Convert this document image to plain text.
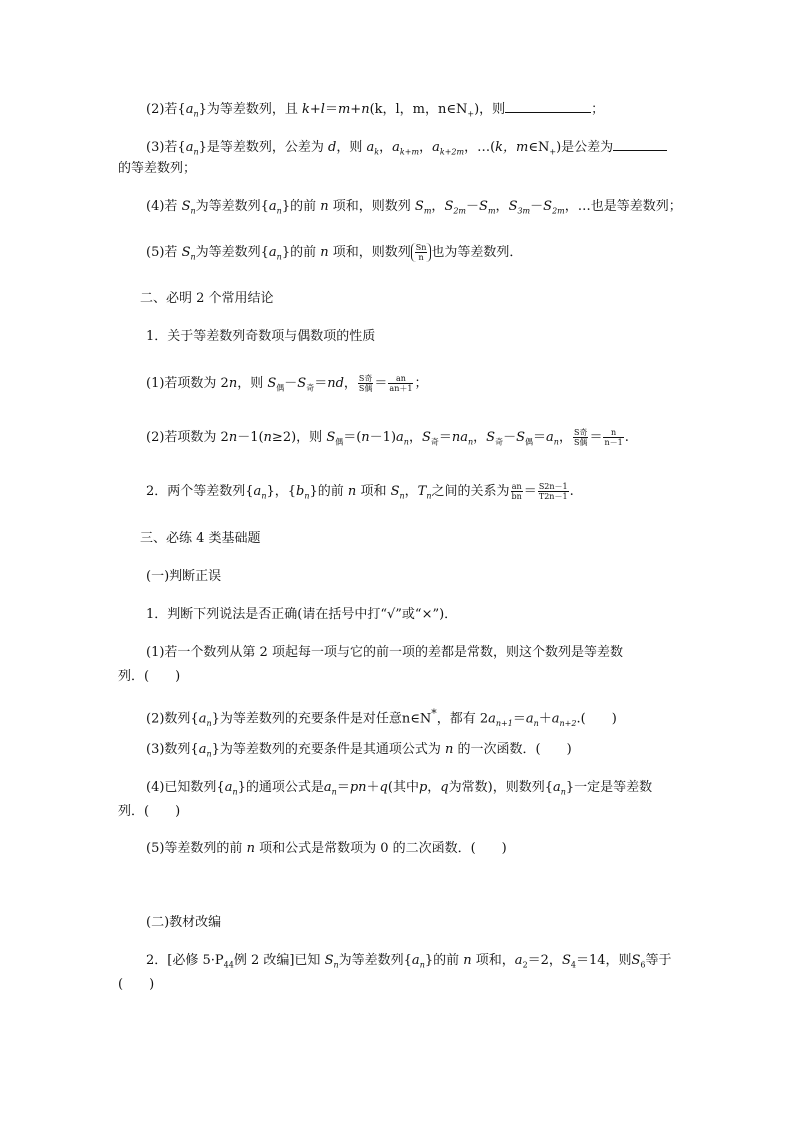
(2)若$\{a_n\}$为等差数列，且 k+l＝m+n(k，l，m，$n\in N_+$)，则	；
(3)若$\{a_n\}$是等差数列，公差为 d，则 $a_k$，$a_{k+m}$，$a_{k+2m}$，…(k，$m\in N_+$)是公差为
的等差数列；
(4)若 $S_n$为等差数列$\{a_n\}$的前 n 项和，则数列 $S_m$，$S_{2m}-S_m$，$S_{3m}-S_{2m}$，…也是等差数列；
(5)若 $S_n$为等差数列$\{a_n\}$的前 n 项和，则数列 $\frac{Sn}{n}$ 也为等差数列．
二、必明 2 个常用结论
1．关于等差数列奇数项与偶数项的性质
(1)若项数为 2n，则 $S_偶-S_奇=nd$， $\frac{\text{S奇}}{\text{S偶}} = \frac{an}{an+1}$ ；
(2)若项数为 2n－1(n≥2)，则 $S_偶=(n-1)a_n$，$S_奇=na_n$，$S_奇-S_偶=a_n$， $\frac{\text{S奇}}{\text{S偶}} = \frac{n}{n-1}$ .
2．两个等差数列$\{a_n\}$，$\{b_n\}$的前 n 项和 $S_n$，$T_n$之间的关系为 $\frac{an}{bn} = \frac{S2n-1}{T2n-1}$ .
三、必练 4 类基础题
(一)判断正误
1．判断下列说法是否正确(请在括号中打“√”或“×”)．
(1)若一个数列从第 2 项起每一项与它的前一项的差都是常数，则这个数列是等差数
列．(　　)
(2)数列$\{a_n\}$为等差数列的充要条件是对任意n∈N*，都有 $2a_{n+1}=a_n+a_{n+2}$.(　　)
(3)数列$\{a_n\}$为等差数列的充要条件是其通项公式为 n 的一次函数．(　　)
(4)已知数列$\{a_n\}$的通项公式是$a_n=pn+q$(其中p，q为常数)，则数列$\{a_n\}$一定是等差数
列．(　　)
(5)等差数列的前 n 项和公式是常数项为 0 的二次函数．(　　)
(二)教材改编
2．[必修 $5\cdot P_{44}$例 2 改编]已知 $S_n$为等差数列$\{a_n\}$的前 n 项和，$a_2=2$，$S_4=14$，则$S_6$等于
(　　)
